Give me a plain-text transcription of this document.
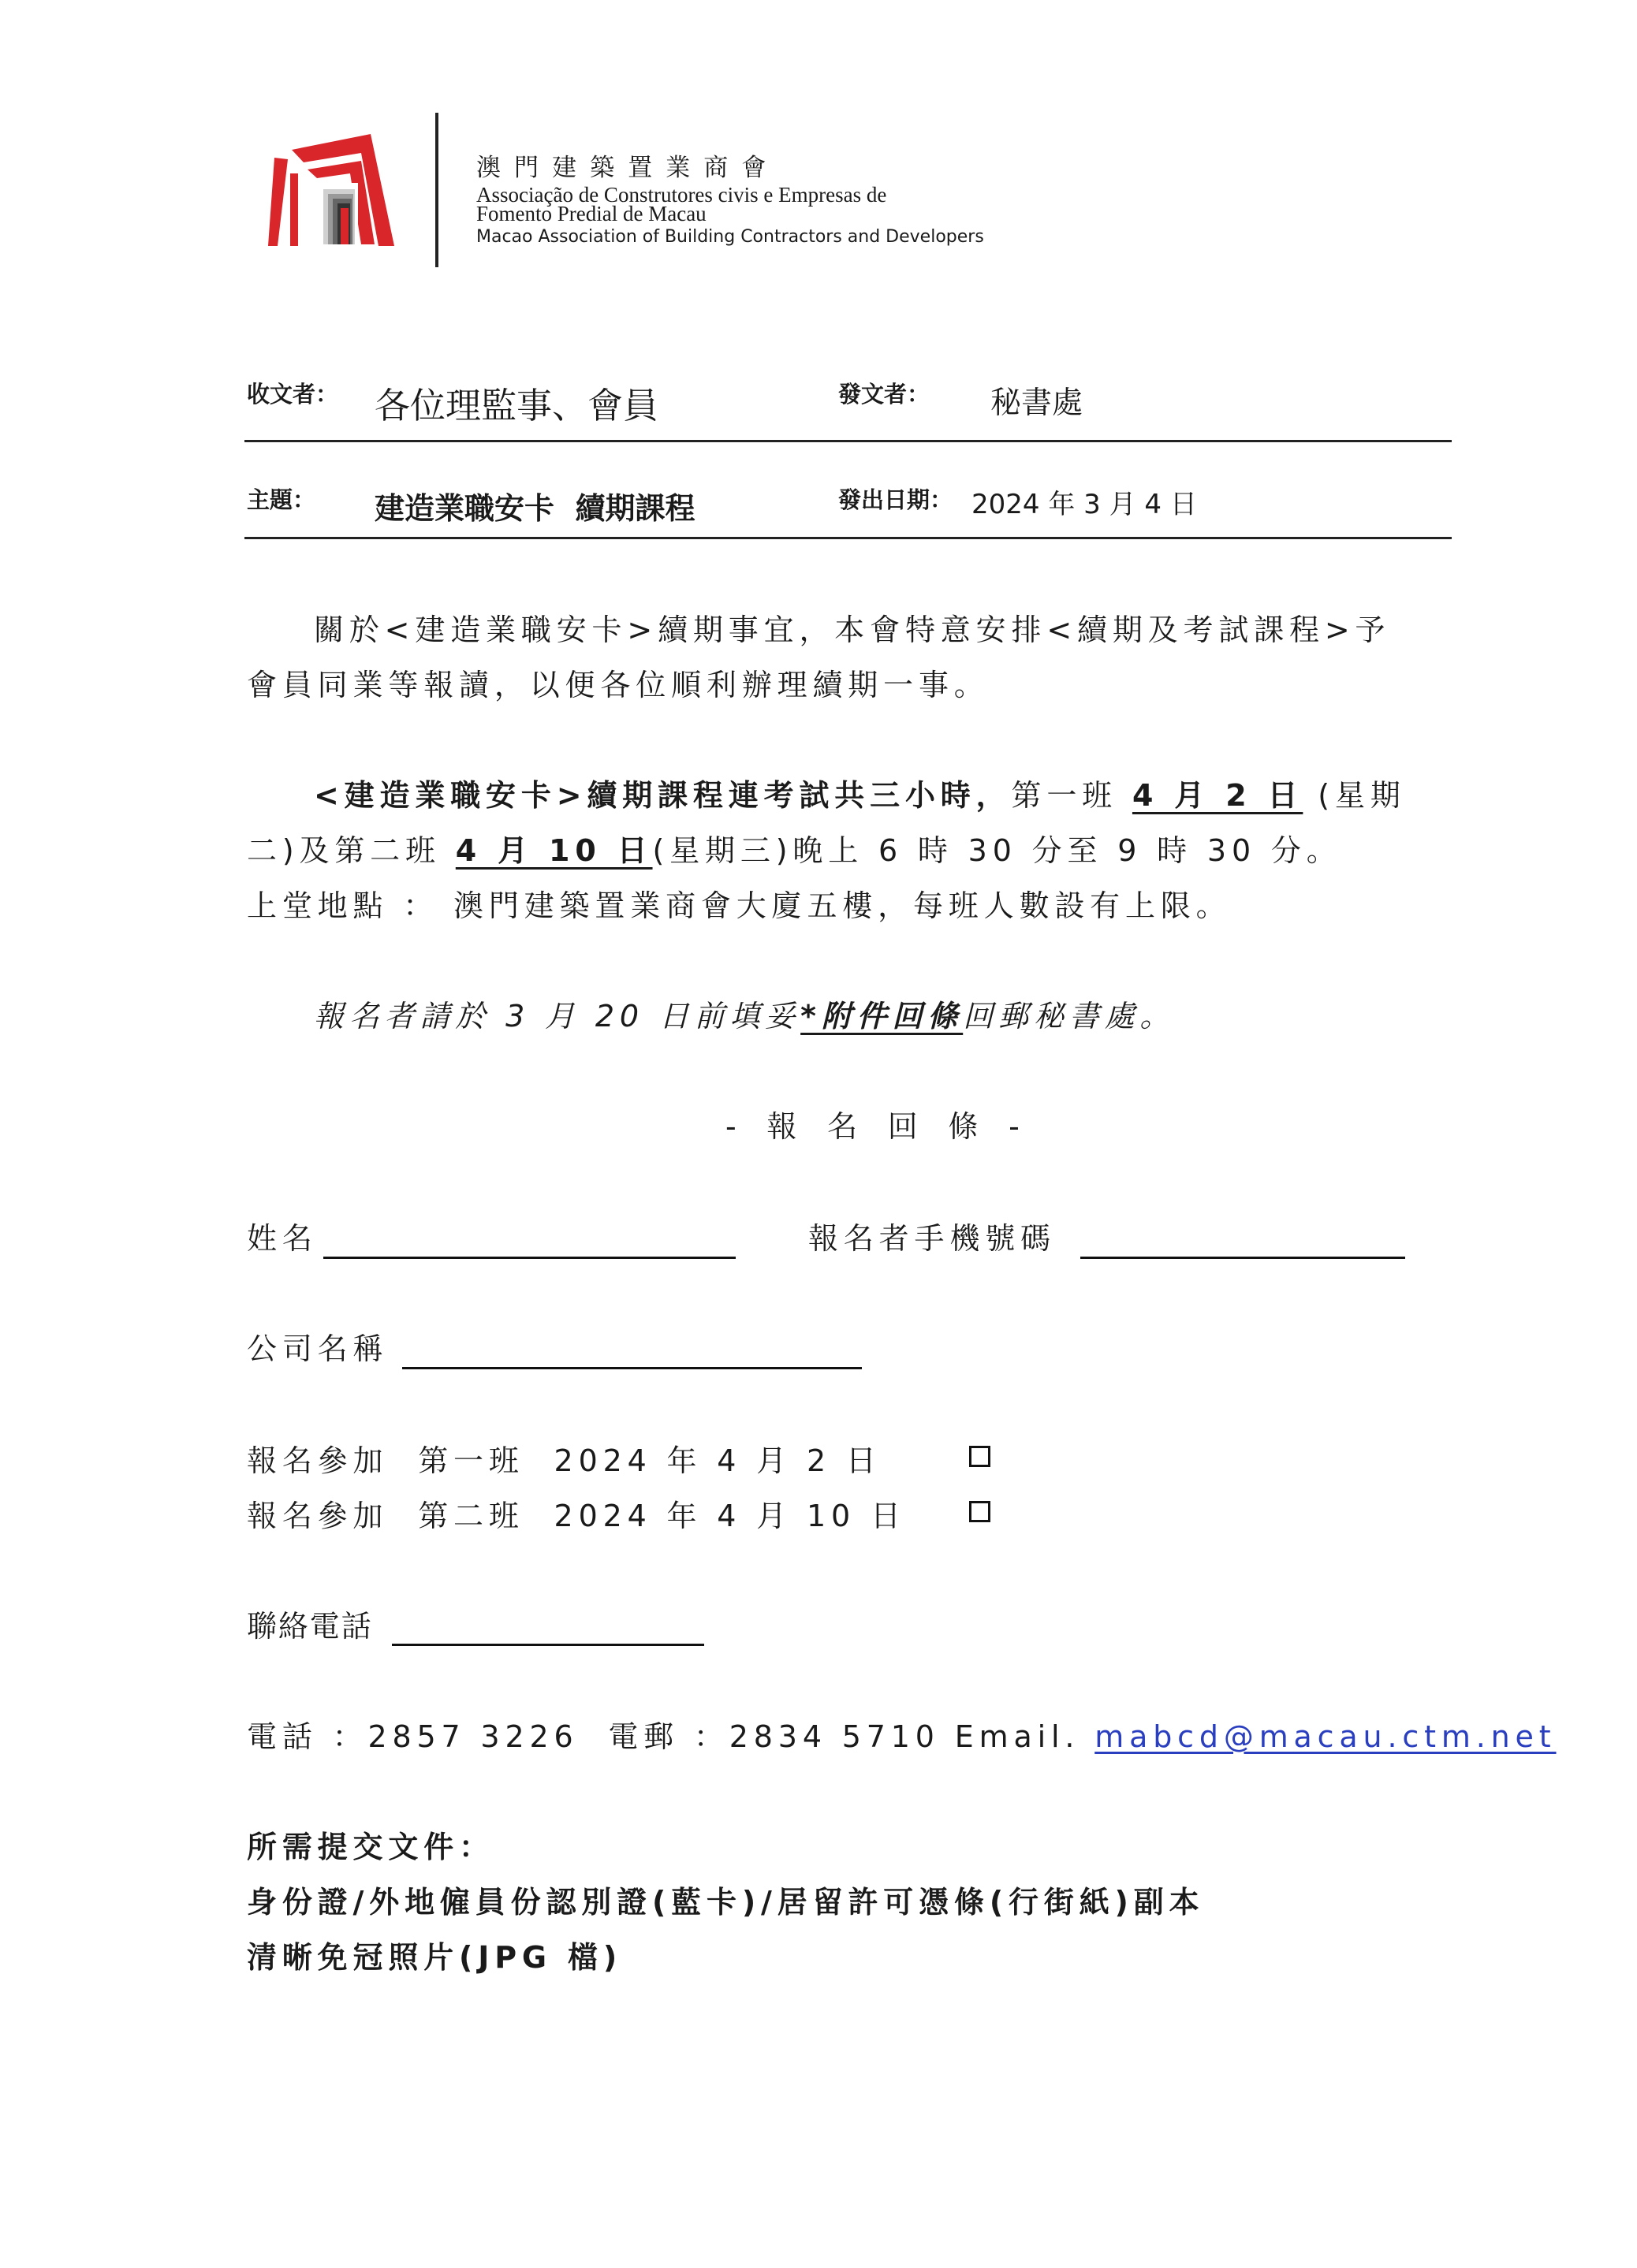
澳門建築置業商會
Associação de Construtores civis e Empresas de
Fomento Predial de Macau
Macao Association of Building Contractors and Developers
收文者： 各位理監事、會員	發文者： 秘書處
主題： 建造業職安卡  續期課程	發出日期： 2024 年 3 月 4 日
關於<建造業職安卡>續期事宜，本會特意安排<續期及考試課程>予
會員同業等報讀，以便各位順利辦理續期一事。
<建造業職安卡>續期課程連考試共三小時，第一班 4 月 2 日 (星期
二)及第二班 4 月 10 日(星期三)晚上 6 時 30 分至 9 時 30 分。
上堂地點 ： 澳門建築置業商會大廈五樓，每班人數設有上限。
報名者請於 3 月 20 日前填妥*附件回條回郵秘書處。
- 報 名 回 條 -
姓名	報名者手機號碼
公司名稱
報名參加  第一班  2024 年 4 月 2 日
報名參加  第二班  2024 年 4 月 10 日
聯絡電話
電話 ：2857 3226  電郵 ：2834 5710 Email. mabcd@macau.ctm.net
所需提交文件：
身份證/外地僱員份認別證(藍卡)/居留許可憑條(行街紙)副本
清晰免冠照片(JPG 檔)
